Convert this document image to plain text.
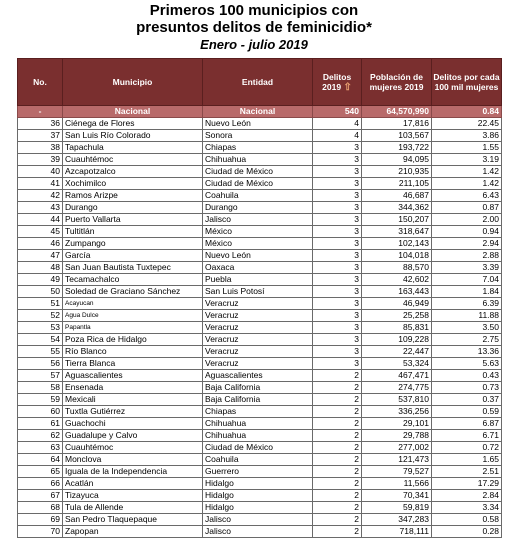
Primeros 100 municipios con
presuntos delitos de feminicidio*
Enero - julio 2019
No.	Municipio	Entidad	Delitos 2019 ⇧	Población de mujeres 2019	Delitos por cada 100 mil mujeres
-	Nacional	Nacional	540	64,570,990	0.84
36	Ciénega de Flores	Nuevo León	4	17,816	22.45
37	San Luis Río Colorado	Sonora	4	103,567	3.86
38	Tapachula	Chiapas	3	193,722	1.55
39	Cuauhtémoc	Chihuahua	3	94,095	3.19
40	Azcapotzalco	Ciudad de México	3	210,935	1.42
41	Xochimilco	Ciudad de México	3	211,105	1.42
42	Ramos Arizpe	Coahuila	3	46,687	6.43
43	Durango	Durango	3	344,362	0.87
44	Puerto Vallarta	Jalisco	3	150,207	2.00
45	Tultitlán	México	3	318,647	0.94
46	Zumpango	México	3	102,143	2.94
47	García	Nuevo León	3	104,018	2.88
48	San Juan Bautista Tuxtepec	Oaxaca	3	88,570	3.39
49	Tecamachalco	Puebla	3	42,602	7.04
50	Soledad de Graciano Sánchez	San Luis Potosí	3	163,443	1.84
51	Acayucan	Veracruz	3	46,949	6.39
52	Agua Dulce	Veracruz	3	25,258	11.88
53	Papantla	Veracruz	3	85,831	3.50
54	Poza Rica de Hidalgo	Veracruz	3	109,228	2.75
55	Río Blanco	Veracruz	3	22,447	13.36
56	Tierra Blanca	Veracruz	3	53,324	5.63
57	Aguascalientes	Aguascalientes	2	467,471	0.43
58	Ensenada	Baja California	2	274,775	0.73
59	Mexicali	Baja California	2	537,810	0.37
60	Tuxtla Gutiérrez	Chiapas	2	336,256	0.59
61	Guachochi	Chihuahua	2	29,101	6.87
62	Guadalupe y Calvo	Chihuahua	2	29,788	6.71
63	Cuauhtémoc	Ciudad de México	2	277,002	0.72
64	Monclova	Coahuila	2	121,473	1.65
65	Iguala de la Independencia	Guerrero	2	79,527	2.51
66	Acatlán	Hidalgo	2	11,566	17.29
67	Tizayuca	Hidalgo	2	70,341	2.84
68	Tula de Allende	Hidalgo	2	59,819	3.34
69	San Pedro Tlaquepaque	Jalisco	2	347,283	0.58
70	Zapopan	Jalisco	2	718,111	0.28
